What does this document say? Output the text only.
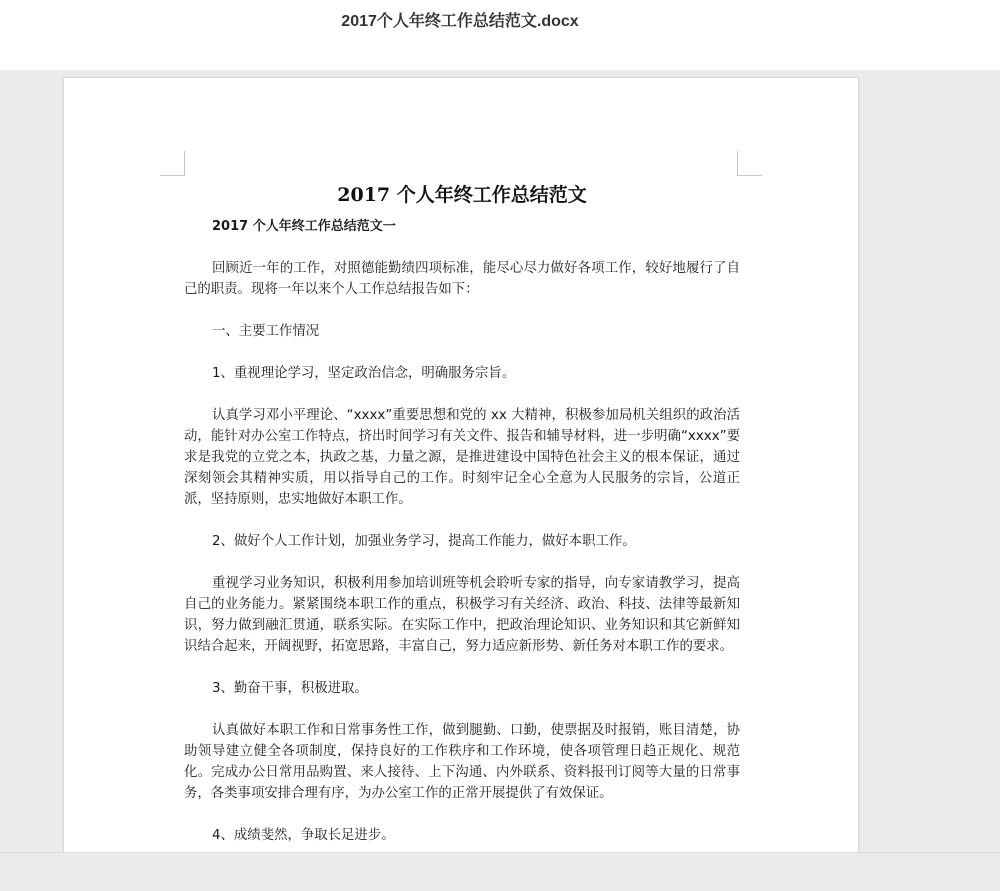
2017个人年终工作总结范文.docx
2017 个人年终工作总结范文

2017 个人年终工作总结范文一

回顾近一年的工作，对照德能勤绩四项标准，能尽心尽力做好各项工作，较好地履行了自己的职责。现将一年以来个人工作总结报告如下：

一、主要工作情况

1、重视理论学习，坚定政治信念，明确服务宗旨。

认真学习邓小平理论、“xxxx”重要思想和党的 xx 大精神，积极参加局机关组织的政治活动，能针对办公室工作特点，挤出时间学习有关文件、报告和辅导材料，进一步明确“xxxx”要求是我党的立党之本，执政之基，力量之源，是推进建设中国特色社会主义的根本保证，通过深刻领会其精神实质，用以指导自己的工作。时刻牢记全心全意为人民服务的宗旨，公道正派，坚持原则，忠实地做好本职工作。

2、做好个人工作计划，加强业务学习，提高工作能力，做好本职工作。

重视学习业务知识，积极利用参加培训班等机会聆听专家的指导，向专家请教学习，提高自己的业务能力。紧紧围绕本职工作的重点，积极学习有关经济、政治、科技、法律等最新知识，努力做到融汇贯通，联系实际。在实际工作中，把政治理论知识、业务知识和其它新鲜知识结合起来，开阔视野，拓宽思路，丰富自己，努力适应新形势、新任务对本职工作的要求。

3、勤奋干事，积极进取。

认真做好本职工作和日常事务性工作，做到腿勤、口勤，使票据及时报销，账目清楚，协助领导建立健全各项制度，保持良好的工作秩序和工作环境，使各项管理日趋正规化、规范化。完成办公日常用品购置、来人接待、上下沟通、内外联系、资料报刊订阅等大量的日常事务，各类事项安排合理有序，为办公室工作的正常开展提供了有效保证。

4、成绩斐然，争取长足进步。
